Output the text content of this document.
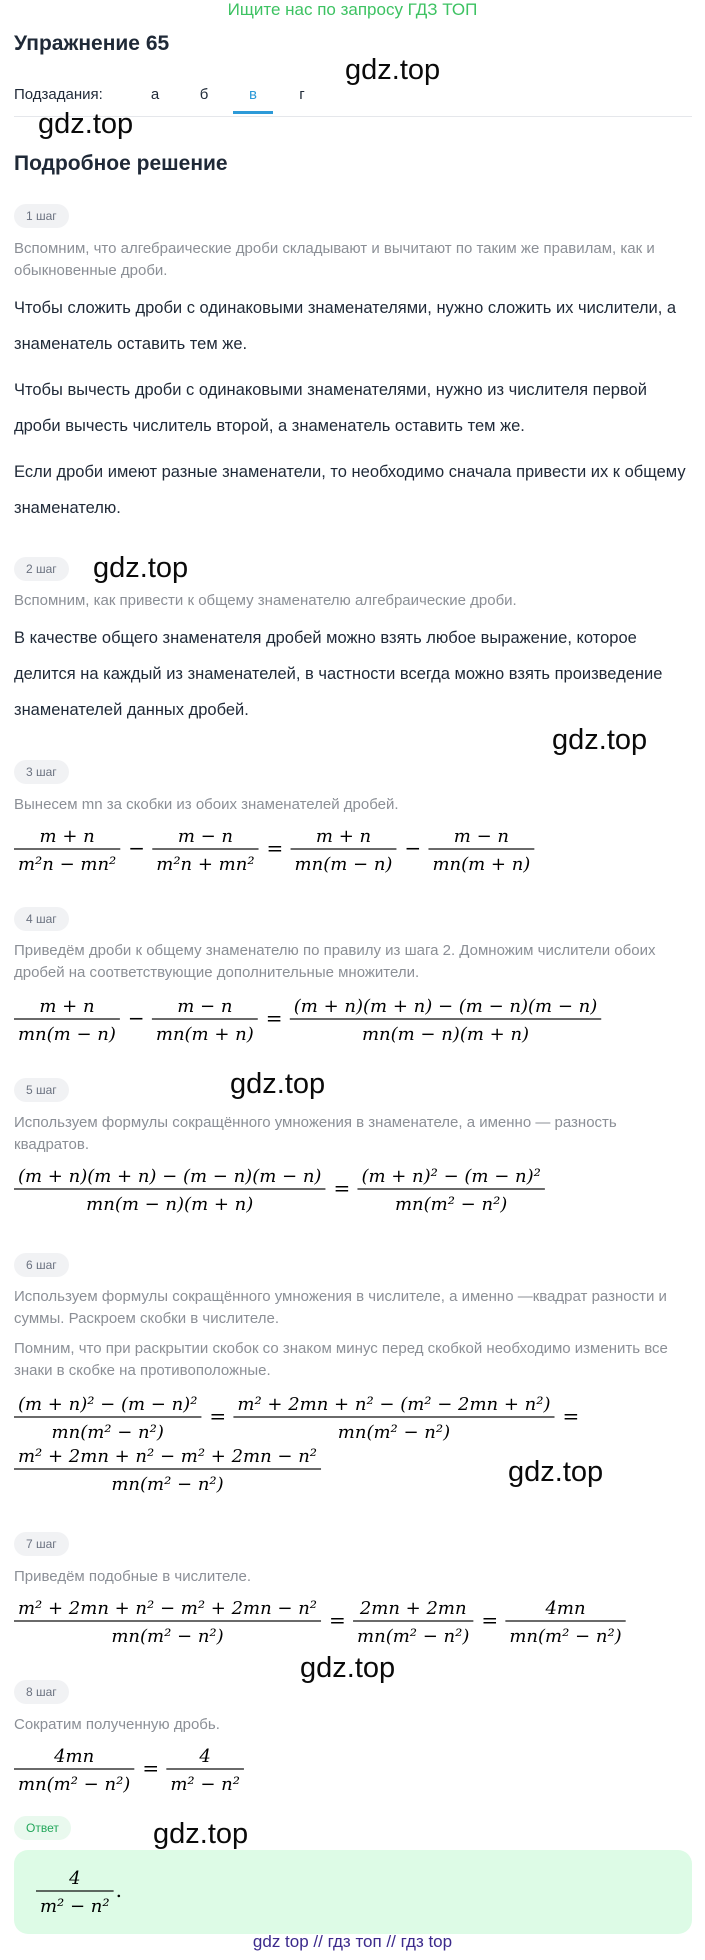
Ищите нас по запросу ГДЗ ТОП
Упражнение 65
Подзадания:	а	б	в	г
Подробное решение
1 шаг
Вспомним, что алгебраические дроби складывают и вычитают по таким же правилам, как и обыкновенные дроби.
Чтобы сложить дроби с одинаковыми знаменателями, нужно сложить их числители, а знаменатель оставить тем же.
Чтобы вычесть дроби с одинаковыми знаменателями, нужно из числителя первой дроби вычесть числитель второй, а знаменатель оставить тем же.
Если дроби имеют разные знаменатели, то необходимо сначала привести их к общему знаменателю.
2 шаг
Вспомним, как привести к общему знаменателю алгебраические дроби.
В качестве общего знаменателя дробей можно взять любое выражение, которое делится на каждый из знаменателей, в частности всегда можно взять произведение знаменателей данных дробей.
3 шаг
Вынесем mn за скобки из обоих знаменателей дробей.
m + n
m²n − mn²
− m − n
m²n + mn²
= m + n
mn(m − n)
− m − n
mn(m + n)
4 шаг
Приведём дроби к общему знаменателю по правилу из шага 2. Домножим числители обоих дробей на соответствующие дополнительные множители.
m + n
mn(m − n)
− m − n
mn(m + n)
= (m + n)(m + n) − (m − n)(m − n)
mn(m − n)(m + n)
5 шаг
Используем формулы сокращённого умножения в знаменателе, а именно — разность квадратов.
(m + n)(m + n) − (m − n)(m − n)
mn(m − n)(m + n)
= (m + n)² − (m − n)²
mn(m² − n²)
6 шаг
Используем формулы сокращённого умножения в числителе, а именно —квадрат разности и суммы. Раскроем скобки в числителе.
Помним, что при раскрытии скобок со знаком минус перед скобкой необходимо изменить все знаки в скобке на противоположные.
(m + n)² − (m − n)²
mn(m² − n²)
= m² + 2mn + n² − (m² − 2mn + n²)
mn(m² − n²)
=
m² + 2mn + n² − m² + 2mn − n²
mn(m² − n²)
7 шаг
Приведём подобные в числителе.
m² + 2mn + n² − m² + 2mn − n²
mn(m² − n²)
= 2mn + 2mn
mn(m² − n²)
=	4mn
mn(m² − n²)
8 шаг
Сократим полученную дробь.
4mn
mn(m² − n²)
= 4
m² − n²
Ответ
4
m² − n²
.
gdz.top
gdz.top
gdz.top
gdz.top
gdz.top
gdz.top
gdz.top
gdz.top
gdz top // гдз топ // гдз top
